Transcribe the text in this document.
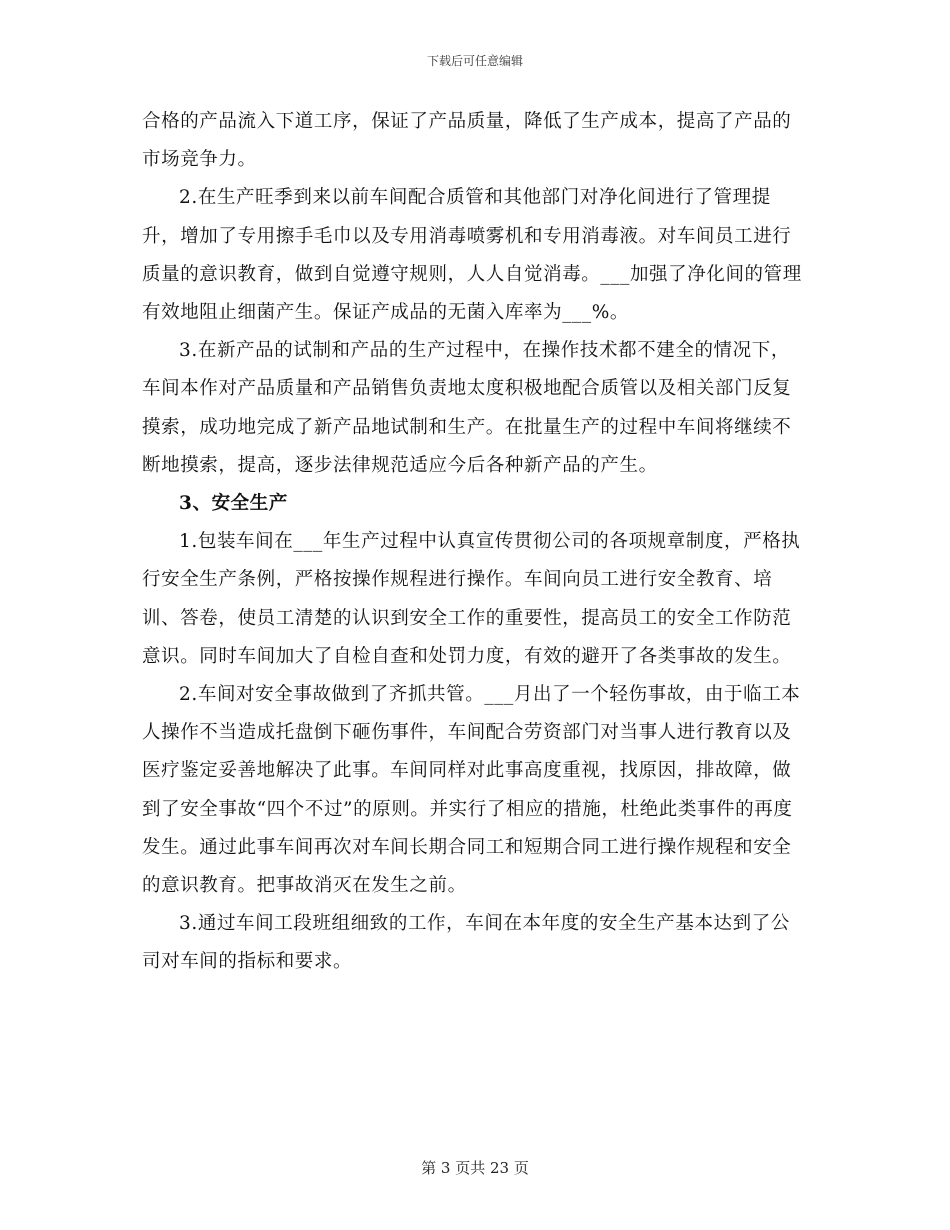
下载后可任意编辑

合格的产品流入下道工序，保证了产品质量，降低了生产成本，提高了产品的市场竞争力。

2.在生产旺季到来以前车间配合质管和其他部门对净化间进行了管理提升，增加了专用擦手毛巾以及专用消毒喷雾机和专用消毒液。对车间员工进行质量的意识教育，做到自觉遵守规则，人人自觉消毒。___加强了净化间的管理有效地阻止细菌产生。保证产成品的无菌入库率为___%。

3.在新产品的试制和产品的生产过程中，在操作技术都不建全的情况下，车间本作对产品质量和产品销售负责地太度积极地配合质管以及相关部门反复摸索，成功地完成了新产品地试制和生产。在批量生产的过程中车间将继续不断地摸索，提高，逐步法律规范适应今后各种新产品的产生。

3、安全生产

1.包装车间在___年生产过程中认真宣传贯彻公司的各项规章制度，严格执行安全生产条例，严格按操作规程进行操作。车间向员工进行安全教育、培训、答卷，使员工清楚的认识到安全工作的重要性，提高员工的安全工作防范意识。同时车间加大了自检自查和处罚力度，有效的避开了各类事故的发生。

2.车间对安全事故做到了齐抓共管。___月出了一个轻伤事故，由于临工本人操作不当造成托盘倒下砸伤事件，车间配合劳资部门对当事人进行教育以及医疗鉴定妥善地解决了此事。车间同样对此事高度重视，找原因，排故障，做到了安全事故“四个不过”的原则。并实行了相应的措施，杜绝此类事件的再度发生。通过此事车间再次对车间长期合同工和短期合同工进行操作规程和安全的意识教育。把事故消灭在发生之前。

3.通过车间工段班组细致的工作，车间在本年度的安全生产基本达到了公司对车间的指标和要求。

第 3 页共 23 页
